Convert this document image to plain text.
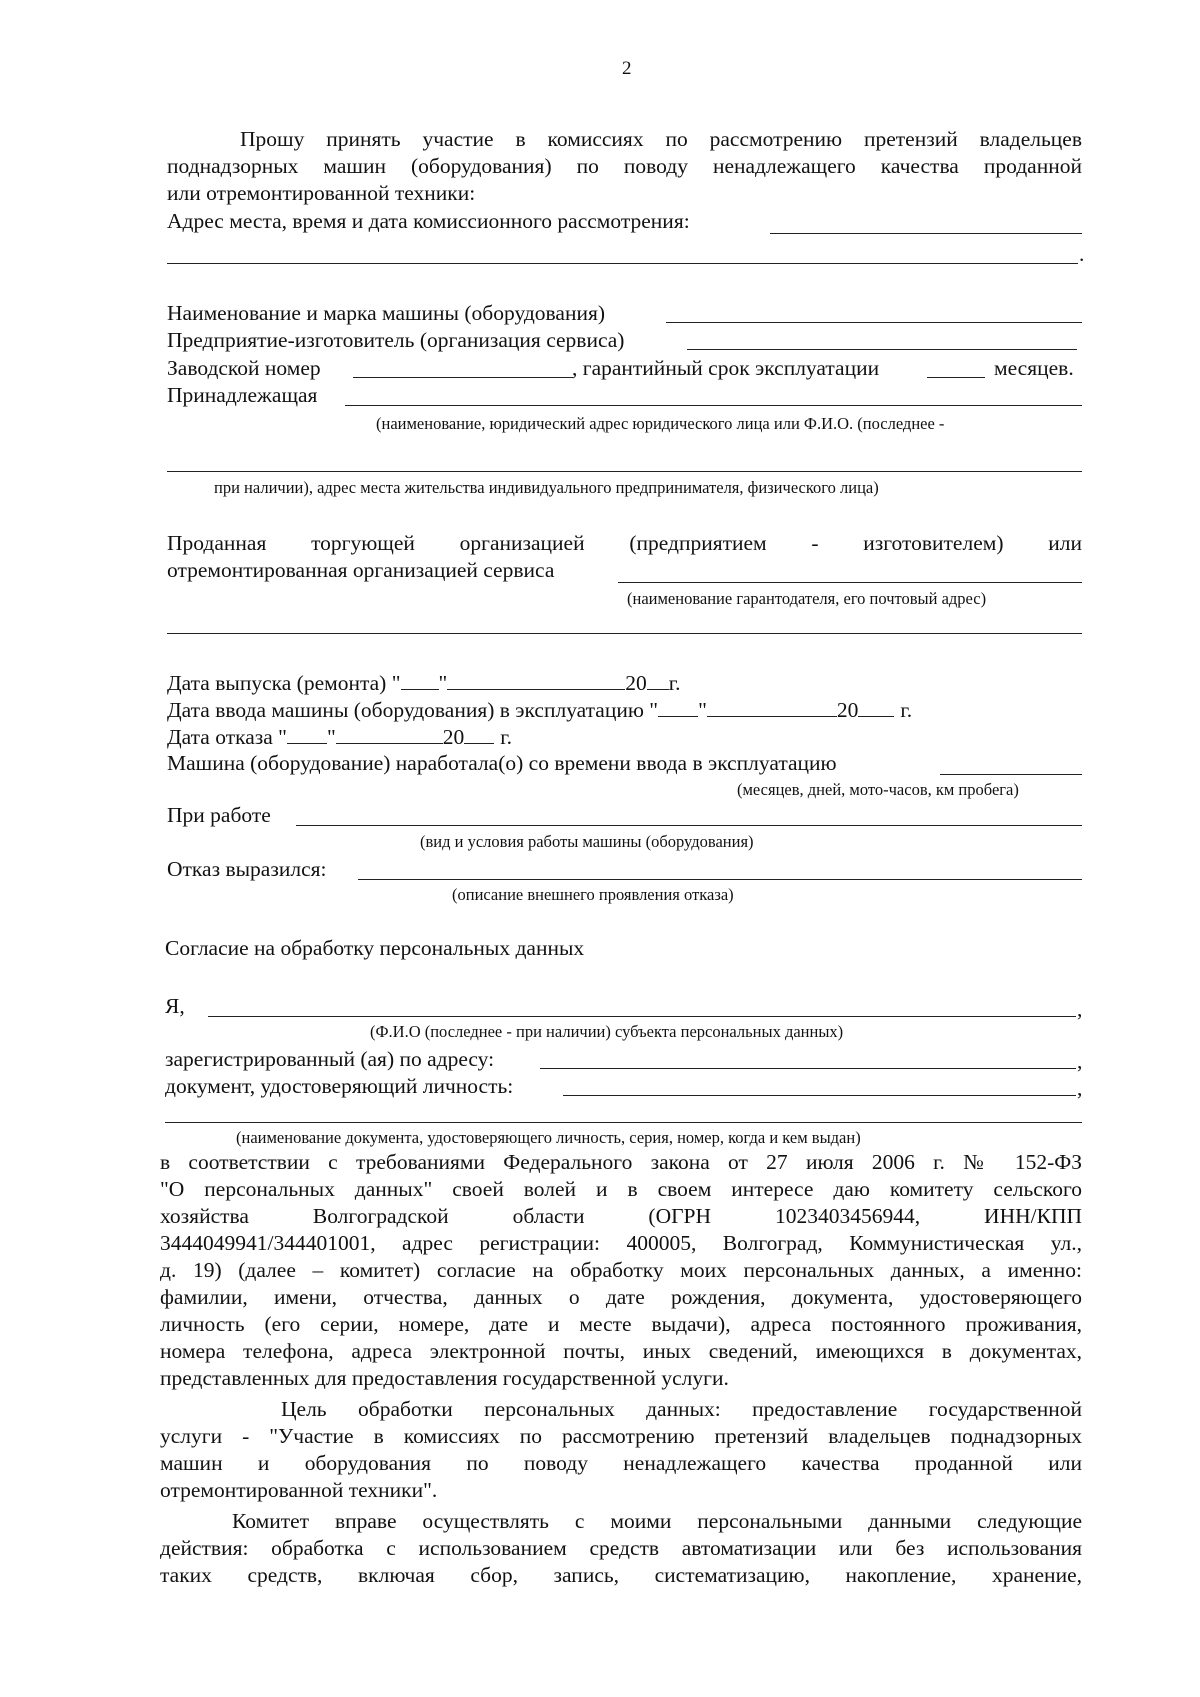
2
Прошу принять участие в комиссиях по рассмотрению претензий владельцев
поднадзорных машин (оборудования) по поводу ненадлежащего качества проданной
или отремонтированной техники:
Адрес места, время и дата комиссионного рассмотрения:
.
Наименование и марка машины (оборудования)
Предприятие-изготовитель (организация сервиса)
Заводской номер	, гарантийный срок эксплуатации	месяцев.
Принадлежащая
(наименование, юридический адрес юридического лица или Ф.И.О. (последнее -
при наличии), адрес места жительства индивидуального предпринимателя, физического лица)
Проданная торгующей организацией (предприятием - изготовителем) или
отремонтированная организацией сервиса
(наименование гарантодателя, его почтовый адрес)
Дата выпуска (ремонта) " "	20 г.
Дата ввода машины (оборудования) в эксплуатацию " "	20 г.
Дата отказа " "	20 г.
Машина (оборудование) наработала(о) со времени ввода в эксплуатацию
(месяцев, дней, мото-часов, км пробега)
При работе
(вид и условия работы машины (оборудования)
Отказ выразился:
(описание внешнего проявления отказа)
Согласие на обработку персональных данных
Я,	,
(Ф.И.О (последнее - при наличии) субъекта персональных данных)
зарегистрированный (ая) по адресу:	,
документ, удостоверяющий личность:	,
(наименование документа, удостоверяющего личность, серия, номер, когда и кем выдан)
в соответствии с требованиями Федерального закона от 27 июля 2006 г. № 152-ФЗ
"О персональных данных" своей волей и в своем интересе даю комитету сельского
хозяйства Волгоградской области (ОГРН 1023403456944, ИНН/КПП
3444049941/344401001, адрес регистрации: 400005, Волгоград, Коммунистическая ул.,
д. 19) (далее – комитет) согласие на обработку моих персональных данных, а именно:
фамилии, имени, отчества, данных о дате рождения, документа, удостоверяющего
личность (его серии, номере, дате и месте выдачи), адреса постоянного проживания,
номера телефона, адреса электронной почты, иных сведений, имеющихся в документах,
представленных для предоставления государственной услуги.
Цель обработки персональных данных: предоставление государственной
услуги - "Участие в комиссиях по рассмотрению претензий владельцев поднадзорных
машин и оборудования по поводу ненадлежащего качества проданной или
отремонтированной техники".
Комитет вправе осуществлять с моими персональными данными следующие
действия: обработка с использованием средств автоматизации или без использования
таких средств, включая сбор, запись, систематизацию, накопление, хранение,
